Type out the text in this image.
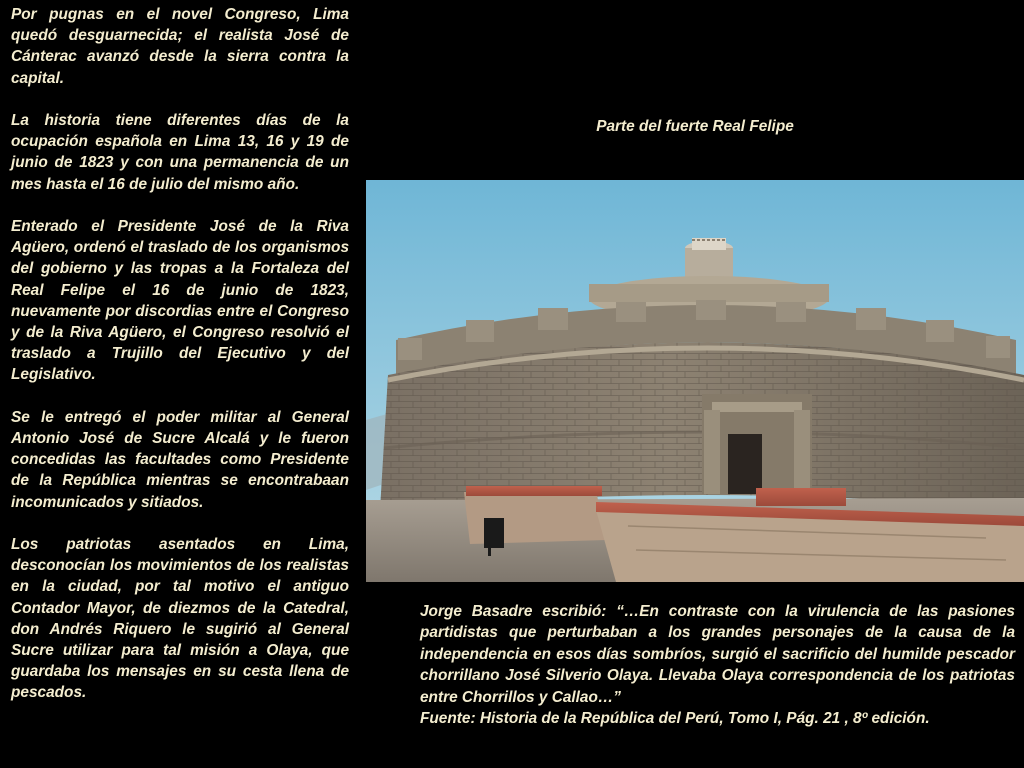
Por pugnas en el novel Congreso, Lima quedó desguarnecida; el realista José de Cánterac avanzó desde la sierra contra la capital.

La historia tiene diferentes días de la ocupación española en Lima 13, 16 y 19 de junio de 1823 y con una permanencia de un mes hasta el 16 de julio del mismo año.

Enterado el Presidente José de la Riva Agüero, ordenó el traslado de los organismos del gobierno y las tropas a la Fortaleza del Real Felipe el 16 de junio de 1823, nuevamente por discordias entre el Congreso y de la Riva Agüero, el Congreso resolvió el traslado a Trujillo del Ejecutivo y del Legislativo.

Se le entregó el poder militar al General Antonio José de Sucre Alcalá y le fueron concedidas las facultades como Presidente de la República mientras se encontrabaan incomunicados y sitiados.

Los patriotas asentados en Lima, desconocían los movimientos de los realistas en la ciudad, por tal motivo el antiguo Contador Mayor, de diezmos de la Catedral, don Andrés Riquero le sugirió al General Sucre utilizar para tal misión a Olaya, que guardaba los mensajes en su cesta llena de pescados.

Parte del fuerte Real Felipe
Jorge Basadre escribió: “…En contraste con la virulencia de las pasiones partidistas que perturbaban a los grandes personajes de la causa de la independencia en esos días sombríos, surgió el sacrificio del humilde pescador chorrillano José Silverio Olaya. Llevaba Olaya correspondencia de los patriotas entre Chorrillos y Callao…”
Fuente: Historia de la República del Perú, Tomo I, Pág. 21 , 8º edición.
